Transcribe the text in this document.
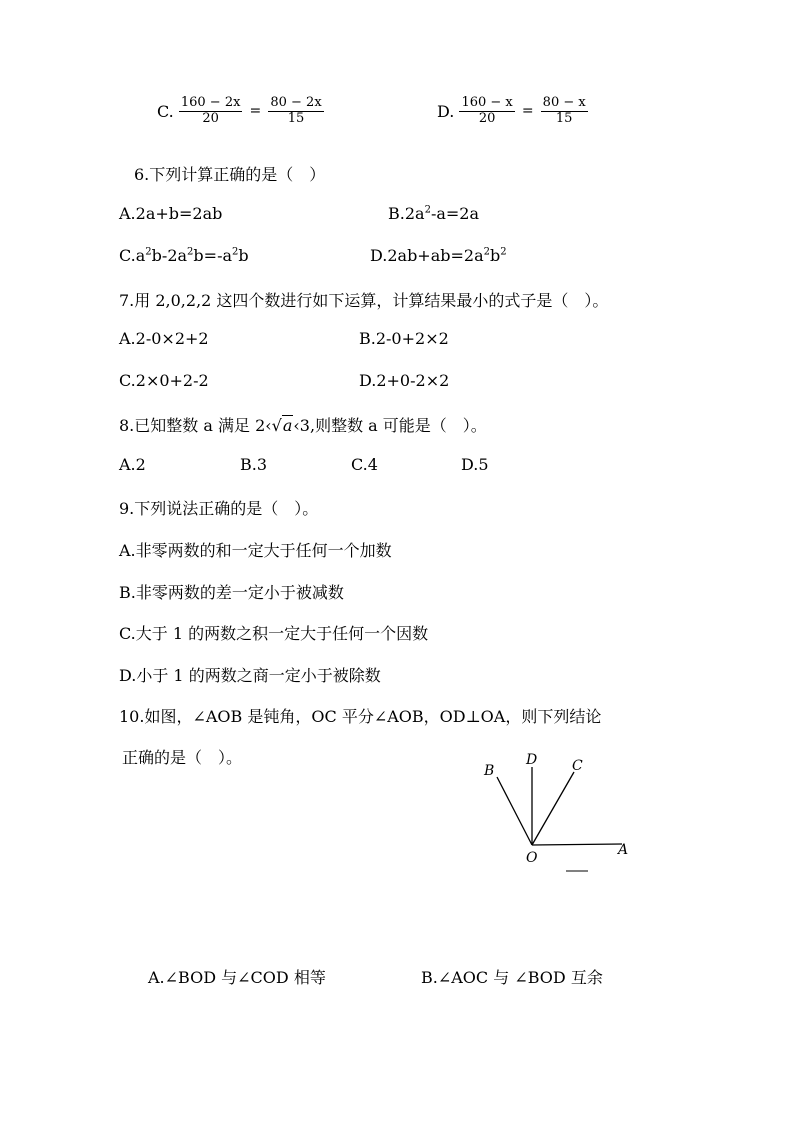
C. $\frac{160 - 2x}{20} = \frac{80 - 2x}{15}$	D. $\frac{160 - x}{20} = \frac{80 - x}{15}$
6.下列计算正确的是（　）
A.2a+b=2ab	$B.2a^2-a=2a$
$C.a^2b-2a^2b=-a^2b$	$D.2ab+ab=2a^2b^2$
7.用 2,0,2,2 这四个数进行如下运算，计算结果最小的式子是（　）。
A.2-0×2+2	B.2-0+2×2
C.2×0+2-2	D.2+0-2×2
8.已知整数 a 满足 2‹√a‹3,则整数 a 可能是（　）。
A.2	B.3	C.4	D.5
9.下列说法正确的是（　）。
A.非零两数的和一定大于任何一个加数
B.非零两数的差一定小于被减数
C.大于 1 的两数之积一定大于任何一个因数
D.小于 1 的两数之商一定小于被除数
10.如图，∠AOB 是钝角，OC 平分∠AOB，OD⊥OA，则下列结论
正确的是（　）。
B
D C
O	A
A.∠BOD 与∠COD 相等	B.∠AOC 与 ∠BOD 互余
